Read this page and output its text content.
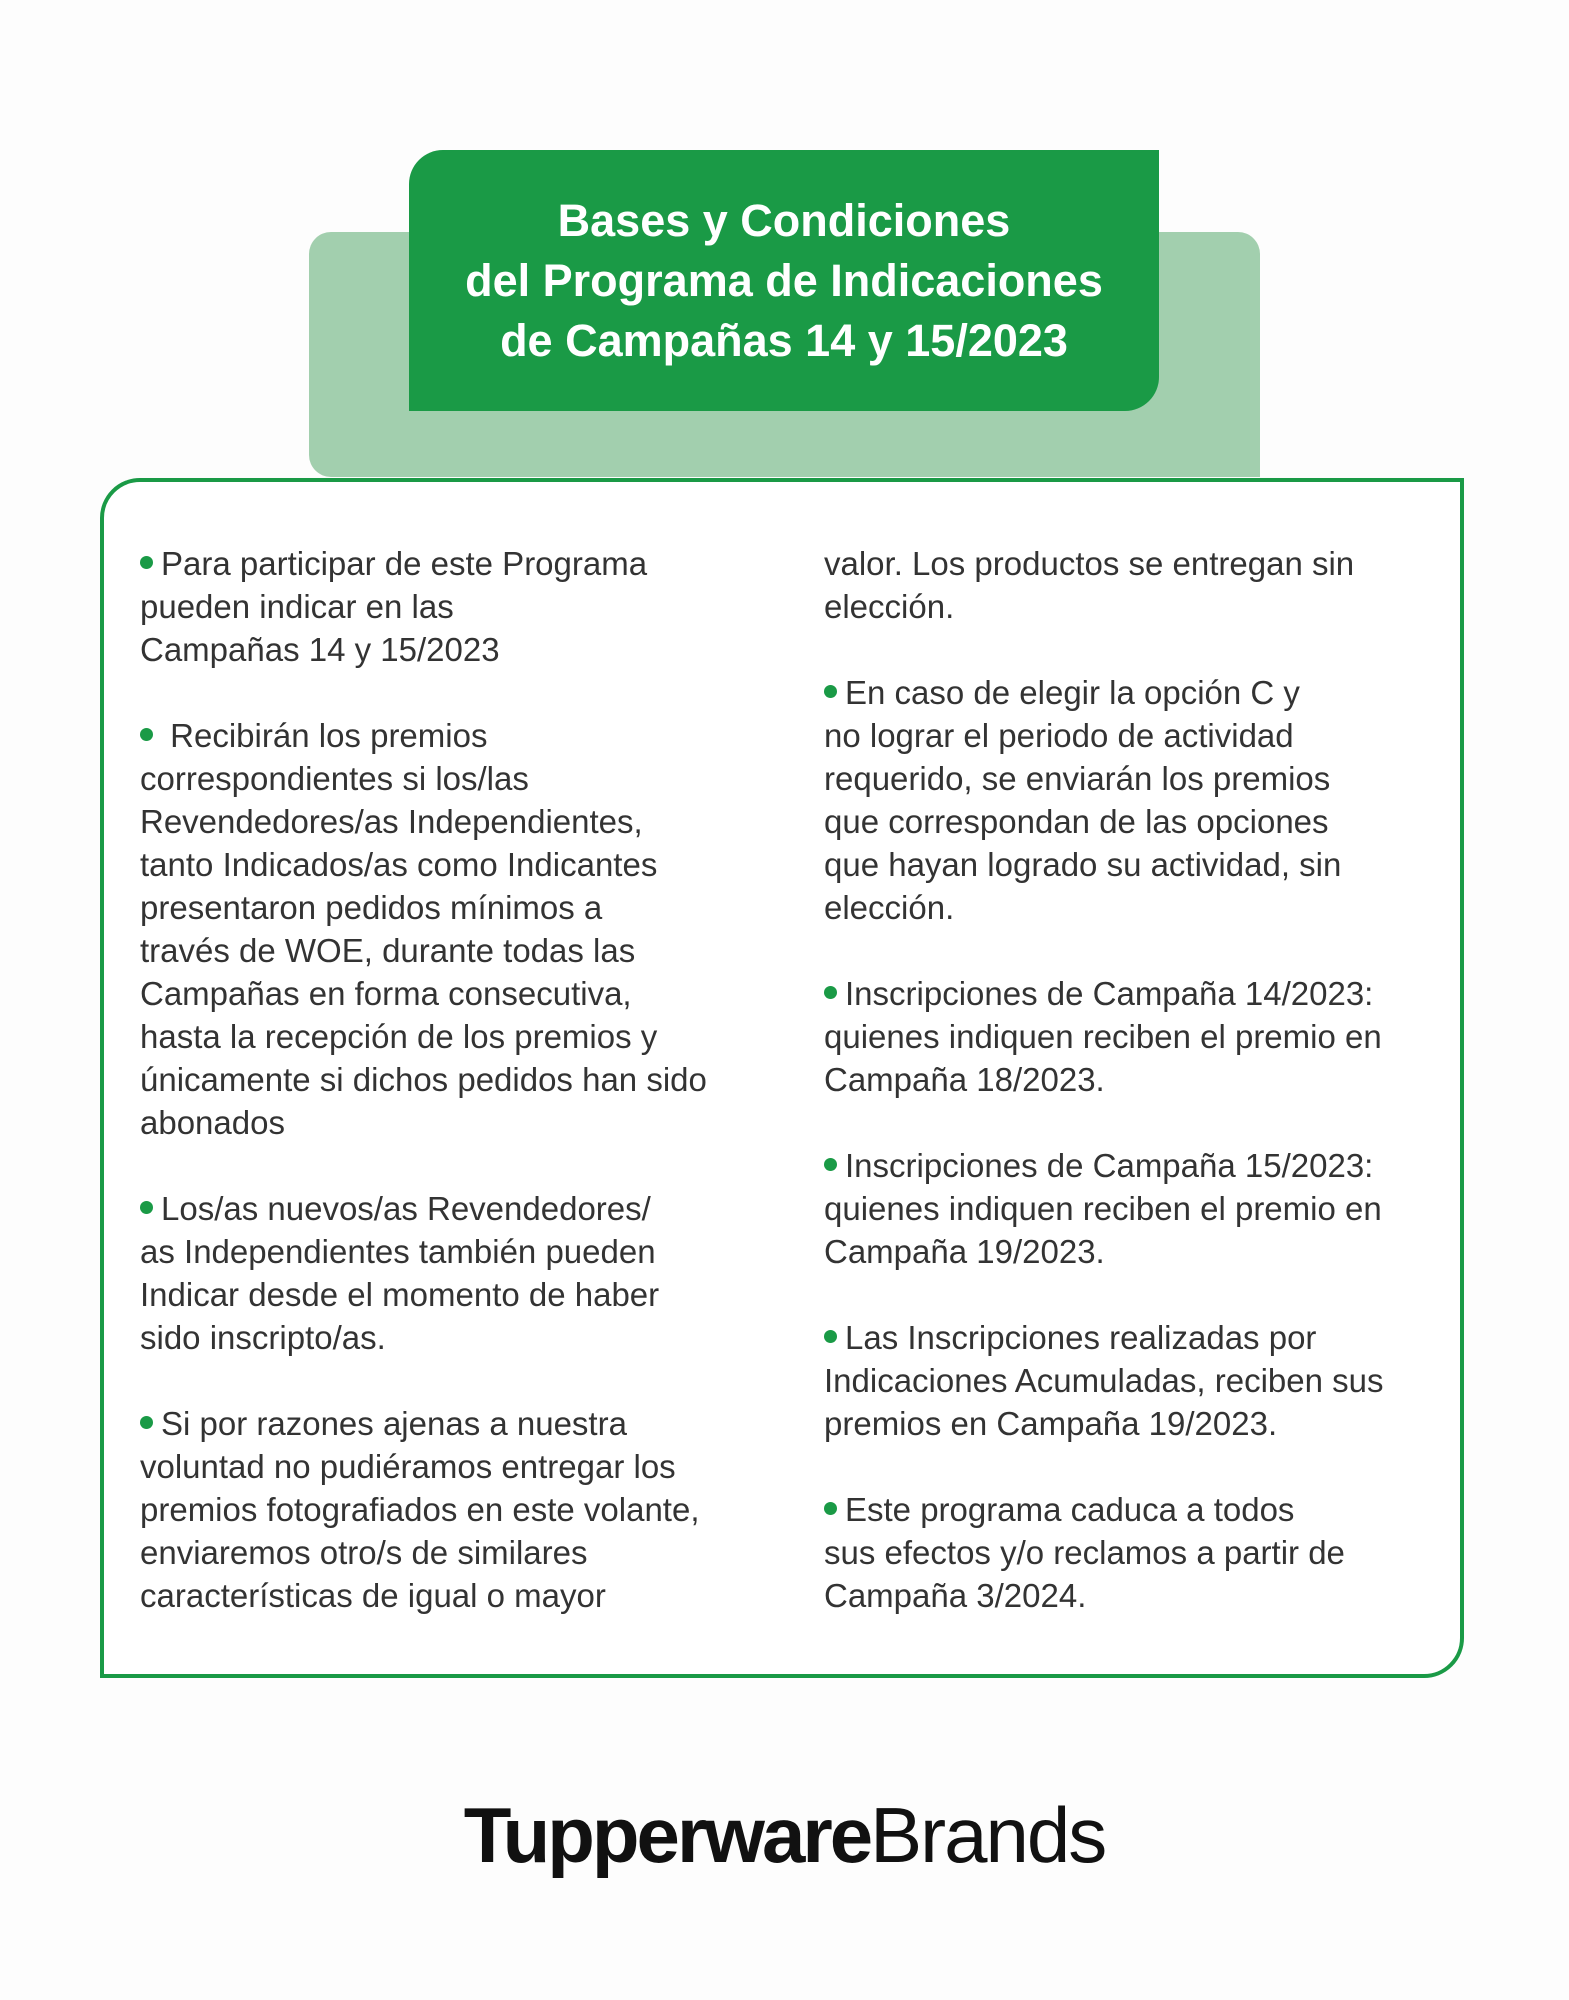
Bases y Condiciones
del Programa de Indicaciones
de Campañas 14 y 15/2023
Para participar de este Programa
pueden indicar en las
Campañas 14 y 15/2023
Recibirán los premios
correspondientes si los/las
Revendedores/as Independientes,
tanto Indicados/as como Indicantes
presentaron pedidos mínimos a
través de WOE, durante todas las
Campañas en forma consecutiva,
hasta la recepción de los premios y
únicamente si dichos pedidos han sido
abonados
Los/as nuevos/as Revendedores/
as Independientes también pueden
Indicar desde el momento de haber
sido inscripto/as.
Si por razones ajenas a nuestra
voluntad no pudiéramos entregar los
premios fotografiados en este volante,
enviaremos otro/s de similares
características de igual o mayor
valor. Los productos se entregan sin
elección.
En caso de elegir la opción C y
no lograr el periodo de actividad
requerido, se enviarán los premios
que correspondan de las opciones
que hayan logrado su actividad, sin
elección.
Inscripciones de Campaña 14/2023:
quienes indiquen reciben el premio en
Campaña 18/2023.
Inscripciones de Campaña 15/2023:
quienes indiquen reciben el premio en
Campaña 19/2023.
Las Inscripciones realizadas por
Indicaciones Acumuladas, reciben sus
premios en Campaña 19/2023.
Este programa caduca a todos
sus efectos y/o reclamos a partir de
Campaña 3/2024.
TupperwareBrands
